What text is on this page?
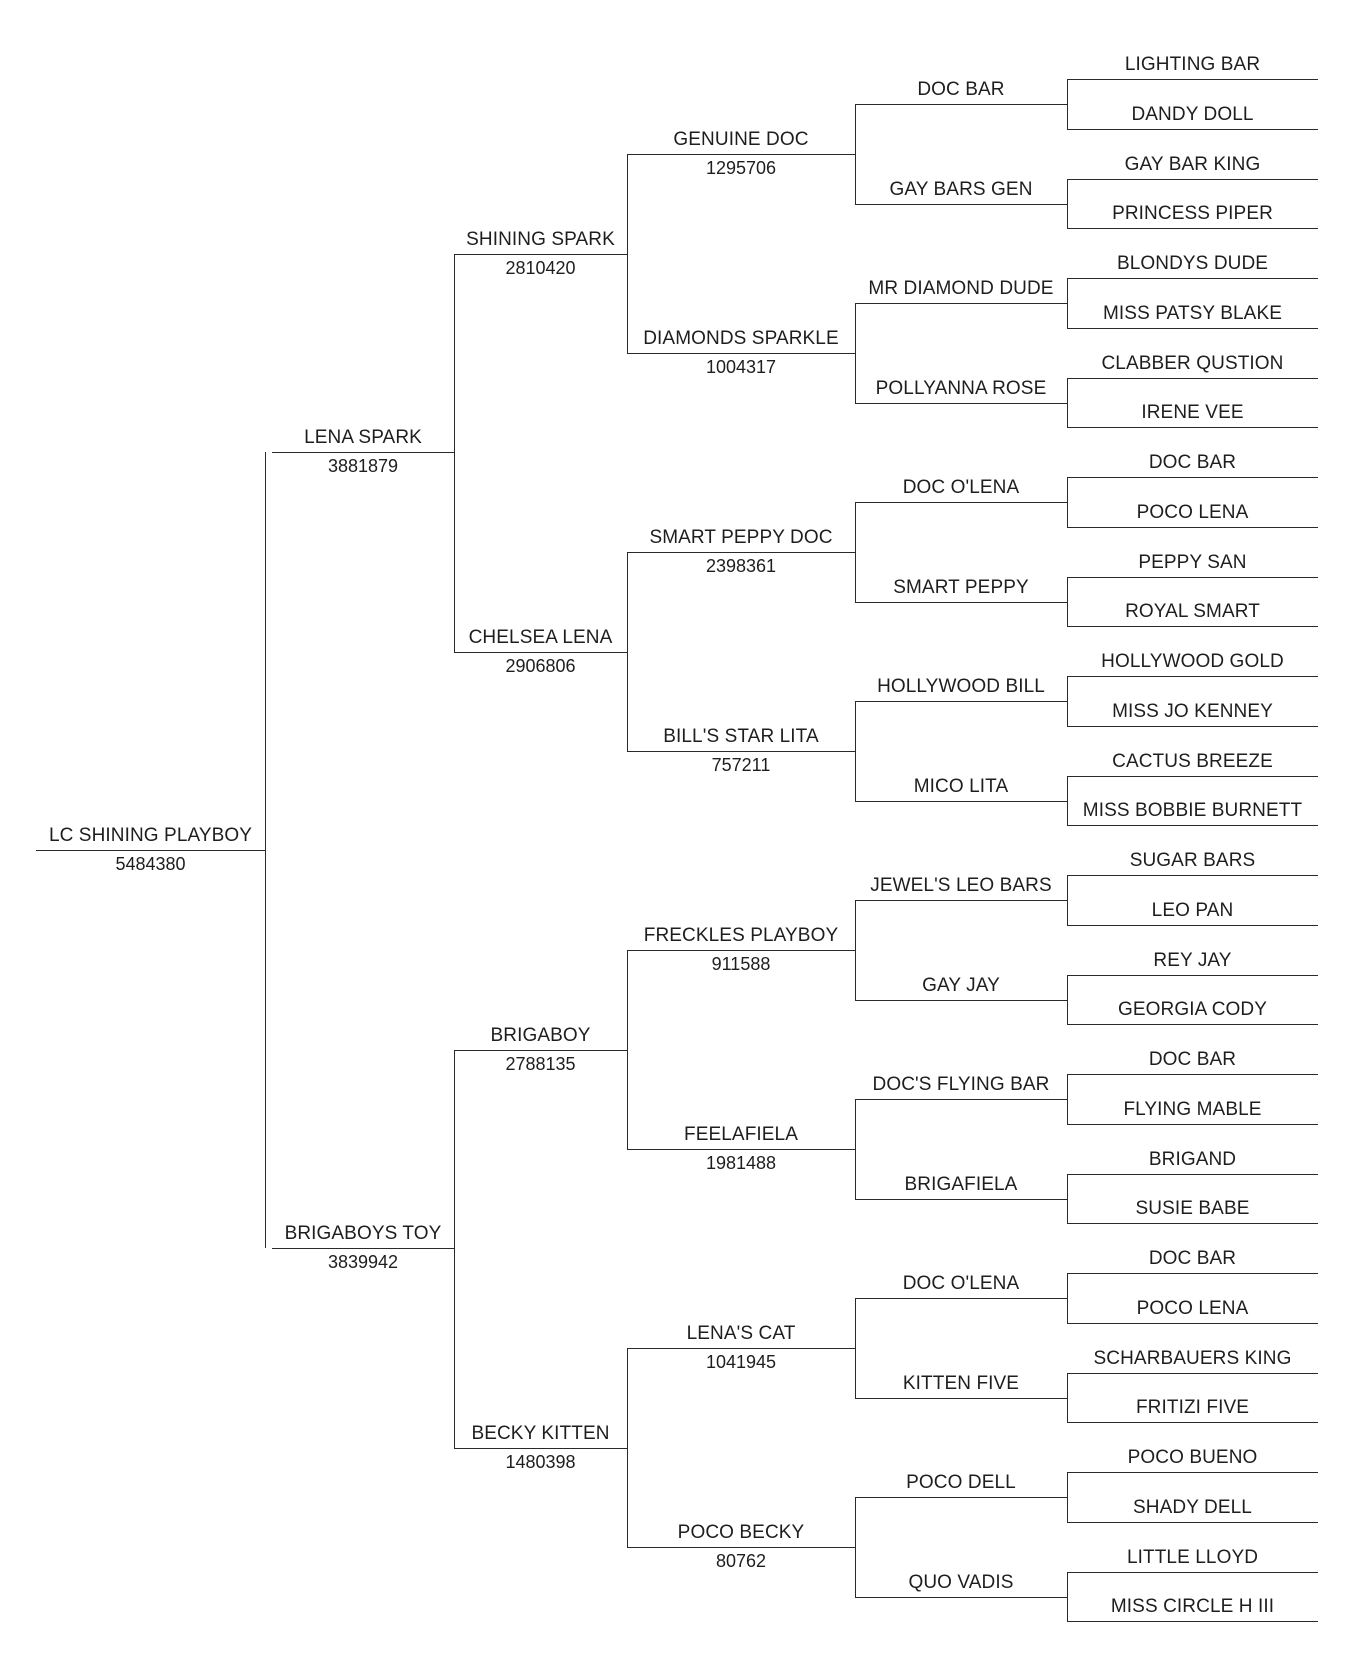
LC SHINING PLAYBOY
5484380
LENA SPARK
3881879
SHINING SPARK
2810420
GENUINE DOC
1295706
DOC BAR
LIGHTING BAR
DANDY DOLL
GAY BARS GEN
GAY BAR KING
PRINCESS PIPER
DIAMONDS SPARKLE
1004317
MR DIAMOND DUDE
BLONDYS DUDE
MISS PATSY BLAKE
POLLYANNA ROSE
CLABBER QUSTION
IRENE VEE
CHELSEA LENA
2906806
SMART PEPPY DOC
2398361
DOC O'LENA
DOC BAR
POCO LENA
SMART PEPPY
PEPPY SAN
ROYAL SMART
BILL'S STAR LITA
757211
HOLLYWOOD BILL
HOLLYWOOD GOLD
MISS JO KENNEY
MICO LITA
CACTUS BREEZE
MISS BOBBIE BURNETT
BRIGABOYS TOY
3839942
BRIGABOY
2788135
FRECKLES PLAYBOY
911588
JEWEL'S LEO BARS
SUGAR BARS
LEO PAN
GAY JAY
REY JAY
GEORGIA CODY
FEELAFIELA
1981488
DOC'S FLYING BAR
DOC BAR
FLYING MABLE
BRIGAFIELA
BRIGAND
SUSIE BABE
BECKY KITTEN
1480398
LENA'S CAT
1041945
DOC O'LENA
DOC BAR
POCO LENA
KITTEN FIVE
SCHARBAUERS KING
FRITIZI FIVE
POCO BECKY
80762
POCO DELL
POCO BUENO
SHADY DELL
QUO VADIS
LITTLE LLOYD
MISS CIRCLE H III
